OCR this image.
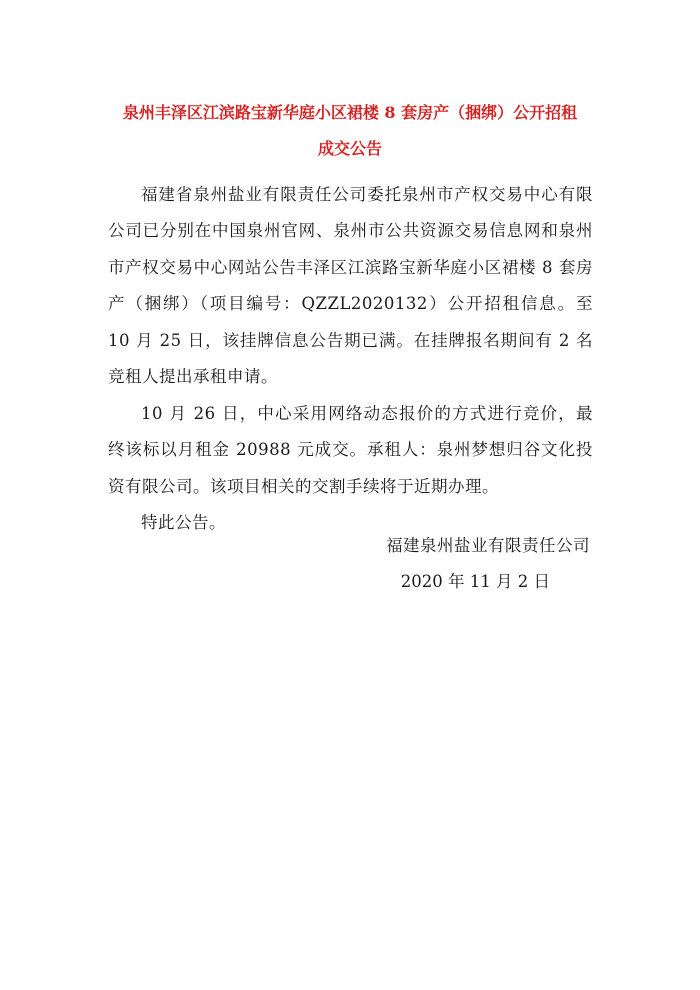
泉州丰泽区江滨路宝新华庭小区裙楼 8 套房产（捆绑）公开招租
成交公告

福建省泉州盐业有限责任公司委托泉州市产权交易中心有限公司已分别在中国泉州官网、泉州市公共资源交易信息网和泉州市产权交易中心网站公告丰泽区江滨路宝新华庭小区裙楼 8 套房产（捆绑）（项目编号：QZZL2020132）公开招租信息。至 10 月 25 日，该挂牌信息公告期已满。在挂牌报名期间有 2 名竞租人提出承租申请。

10 月 26 日，中心采用网络动态报价的方式进行竞价，最终该标以月租金 20988 元成交。承租人：泉州梦想归谷文化投资有限公司。该项目相关的交割手续将于近期办理。

特此公告。

福建泉州盐业有限责任公司
2020 年 11 月 2 日
